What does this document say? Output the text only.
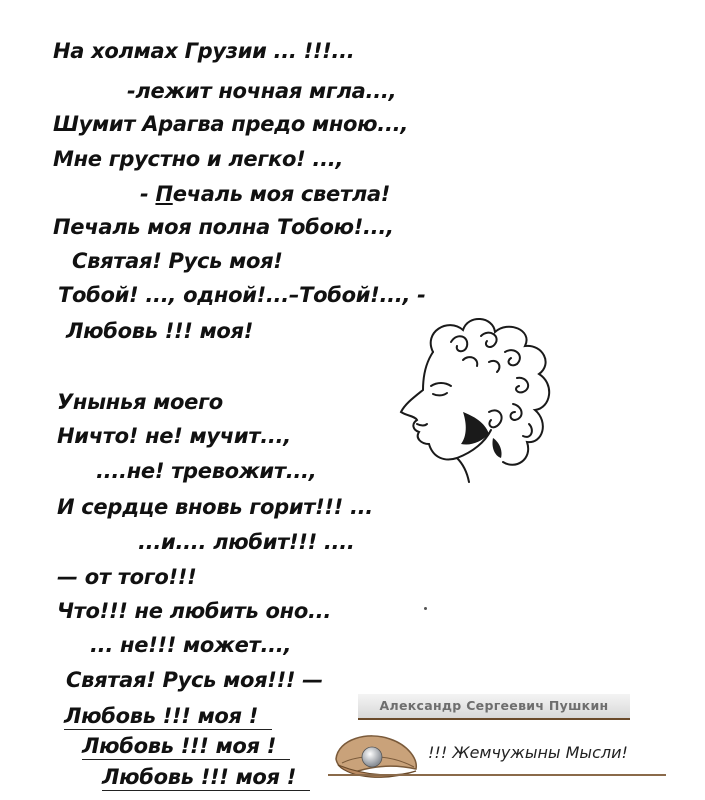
На холмах Грузии ... !!!...
-лежит ночная мгла...,
Шумит Арагва предо мною...,
Мне грустно и легко! ...,
- Печаль моя светла!
Печаль моя полна Тобою!...,
Святая! Русь моя!
Тобой! ..., одной!...–Тобой!..., -
Любовь !!! моя!
Унынья моего
Ничто! не! мучит...,
....не! тревожит...,
И сердце вновь горит!!! ...
...и.... любит!!! ....
— от того!!!
Что!!! не любить оно...
... не!!! может...,
Святая! Русь моя!!! —
Любовь !!! моя !
Любовь !!! моя !
Любовь !!! моя !
Александр Сергеевич Пушкин
!!! Жемчужыны Мысли!
